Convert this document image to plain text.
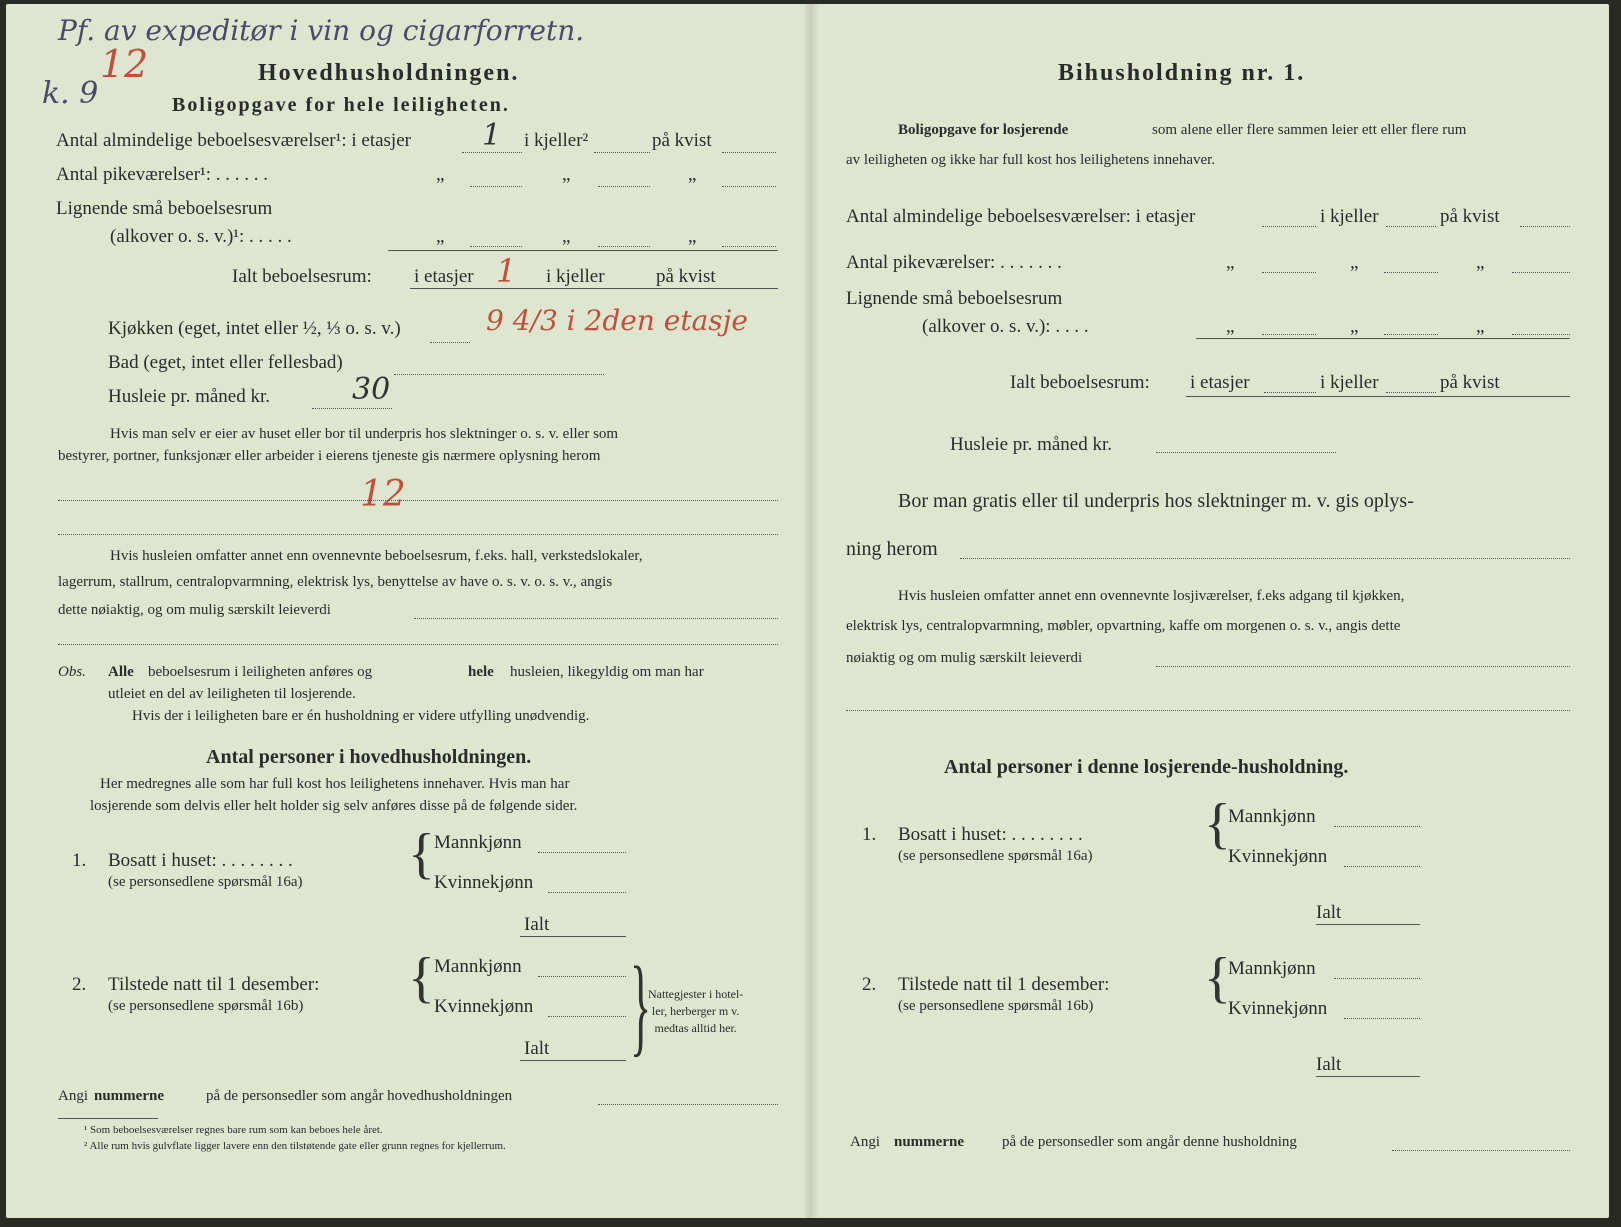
Pf. av expeditør i vin og cigarforretn.
12
k. 9
Hovedhusholdningen.
Boligopgave for hele leiligheten.
Antal almindelige beboelsesværelser¹: i etasjer 1 i kjeller²	på kvist
Antal pikeværelser¹: . . . . . .	„	„	„
Lignende små beboelsesrum
(alkover o. s. v.)¹: . . . . .	„	„	„
Ialt beboelsesrum: i etasjer 1 i kjeller	på kvist
Kjøkken (eget, intet eller ½, ⅓ o. s. v.)	9 4/3 i 2den etasje
Bad (eget, intet eller fellesbad)
Husleie pr. måned kr.	30
Hvis man selv er eier av huset eller bor til underpris hos slektninger o. s. v. eller som
bestyrer, portner, funksjonær eller arbeider i eierens tjeneste gis nærmere oplysning herom
12
Hvis husleien omfatter annet enn ovennevnte beboelsesrum, f.eks. hall, verkstedslokaler,
lagerrum, stallrum, centralopvarmning, elektrisk lys, benyttelse av have o. s. v. o. s. v., angis
dette nøiaktig, og om mulig særskilt leieverdi
Obs. Alle beboelsesrum i leiligheten anføres og	hele husleien, likegyldig om man har
utleiet en del av leiligheten til losjerende.
Hvis der i leiligheten bare er én husholdning er videre utfylling unødvendig.
Antal personer i hovedhusholdningen.
Her medregnes alle som har full kost hos leilighetens innehaver. Hvis man har
losjerende som delvis eller helt holder sig selv anføres disse på de følgende sider.
1. Bosatt i huset: . . . . . . . .
(se personsedlene spørsmål 16a) { Mannkjønn
Kvinnekjønn
Ialt
2. Tilstede natt til 1 desember:
(se personsedlene spørsmål 16b) { Mannkjønn
Kvinnekjønn
Ialt }
Nattegjester i hotel-
ler, herberger m v.
medtas alltid her.
Angi nummerne	på de personsedler som angår hovedhusholdningen
¹ Som beboelsesværelser regnes bare rum som kan beboes hele året.
² Alle rum hvis gulvflate ligger lavere enn den tilstøtende gate eller grunn regnes for kjellerrum.
Bihusholdning nr. 1.
Boligopgave for losjerende	som alene eller flere sammen leier ett eller flere rum
av leiligheten og ikke har full kost hos leilighetens innehaver.
Antal almindelige beboelsesværelser: i etasjer	i kjeller	på kvist
Antal pikeværelser: . . . . . . .	„	„	„
Lignende små beboelsesrum
(alkover o. s. v.): . . . .	„	„	„
Ialt beboelsesrum: i etasjer	i kjeller	på kvist
Husleie pr. måned kr.
Bor man gratis eller til underpris hos slektninger m. v. gis oplys-
ning herom
Hvis husleien omfatter annet enn ovennevnte losjiværelser, f.eks adgang til kjøkken,
elektrisk lys, centralopvarmning, møbler, opvartning, kaffe om morgenen o. s. v., angis dette
nøiaktig og om mulig særskilt leieverdi
Antal personer i denne losjerende-husholdning.
1. Bosatt i huset: . . . . . . . .
(se personsedlene spørsmål 16a)
{
Mannkjønn
Kvinnekjønn
Ialt
2. Tilstede natt til 1 desember:
(se personsedlene spørsmål 16b) {
Mannkjønn
Kvinnekjønn
Ialt
Angi nummerne	på de personsedler som angår denne husholdning
